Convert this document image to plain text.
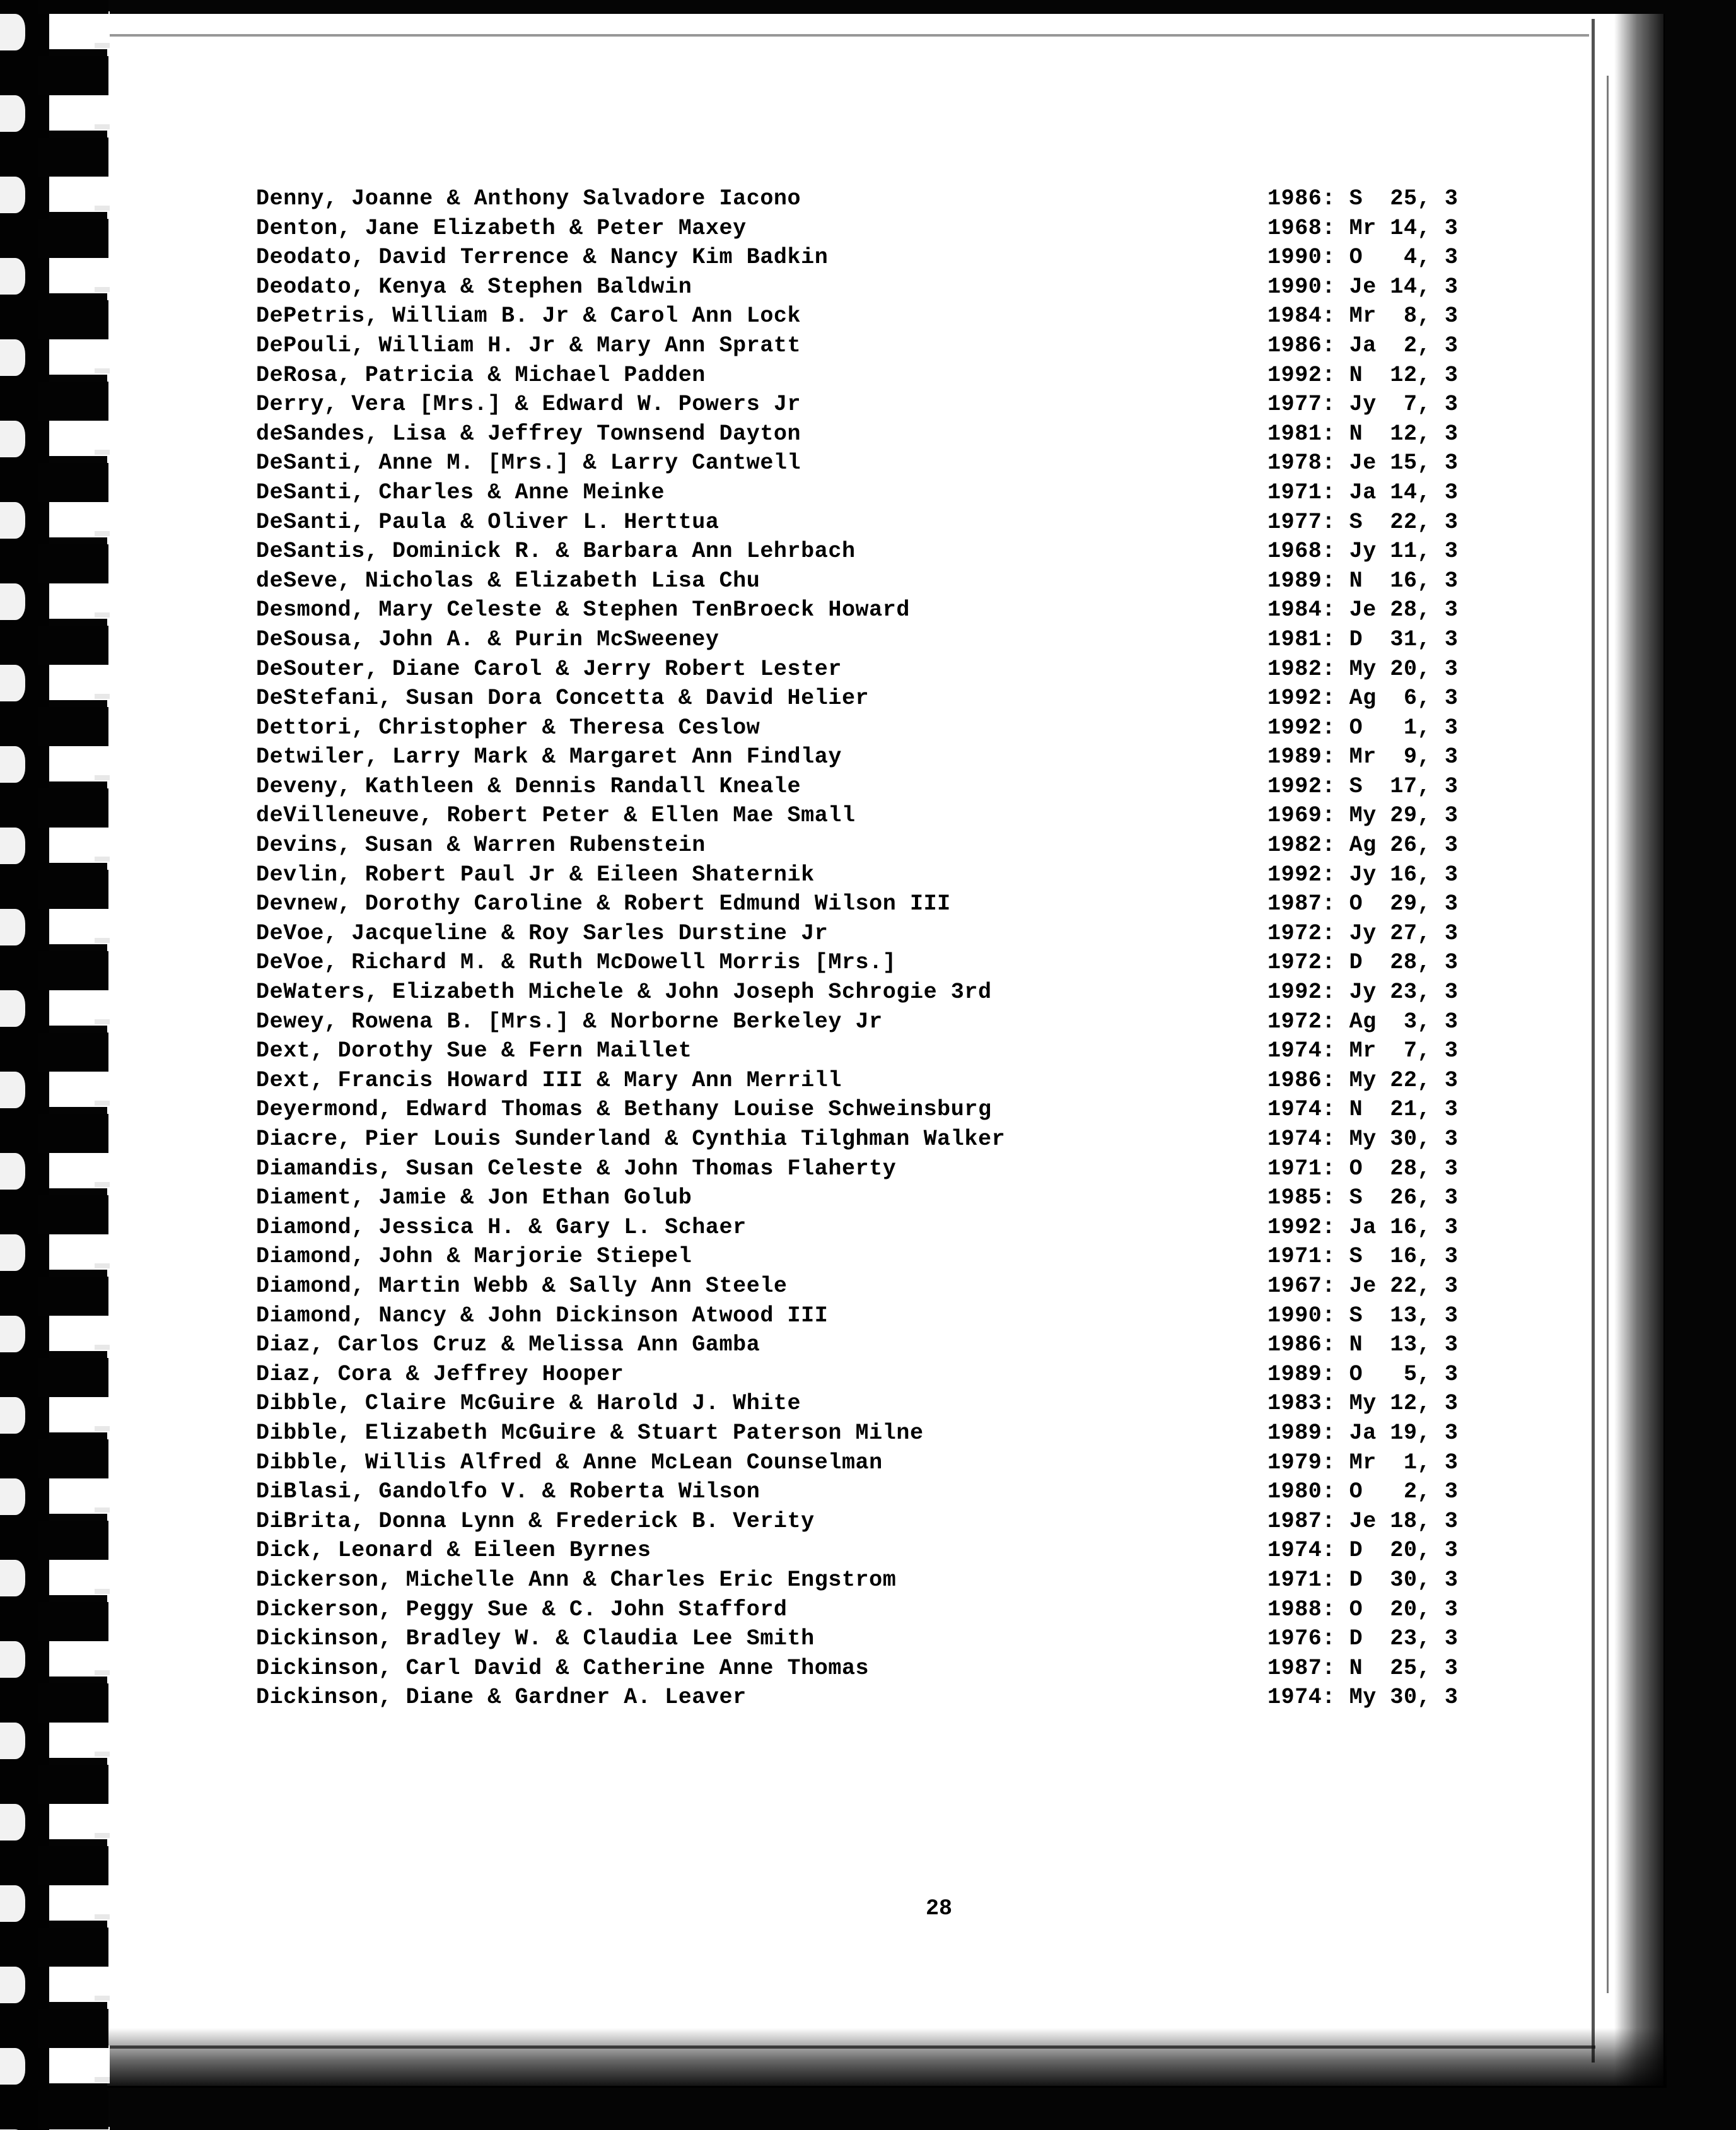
Denny, Joanne & Anthony Salvadore Iacono	1986: S  25, 3
Denton, Jane Elizabeth & Peter Maxey	1968: Mr 14, 3
Deodato, David Terrence & Nancy Kim Badkin	1990: O   4, 3
Deodato, Kenya & Stephen Baldwin	1990: Je 14, 3
DePetris, William B. Jr & Carol Ann Lock	1984: Mr  8, 3
DePouli, William H. Jr & Mary Ann Spratt	1986: Ja  2, 3
DeRosa, Patricia & Michael Padden	1992: N  12, 3
Derry, Vera [Mrs.] & Edward W. Powers Jr	1977: Jy  7, 3
deSandes, Lisa & Jeffrey Townsend Dayton	1981: N  12, 3
DeSanti, Anne M. [Mrs.] & Larry Cantwell	1978: Je 15, 3
DeSanti, Charles & Anne Meinke	1971: Ja 14, 3
DeSanti, Paula & Oliver L. Herttua	1977: S  22, 3
DeSantis, Dominick R. & Barbara Ann Lehrbach	1968: Jy 11, 3
deSeve, Nicholas & Elizabeth Lisa Chu	1989: N  16, 3
Desmond, Mary Celeste & Stephen TenBroeck Howard	1984: Je 28, 3
DeSousa, John A. & Purin McSweeney	1981: D  31, 3
DeSouter, Diane Carol & Jerry Robert Lester	1982: My 20, 3
DeStefani, Susan Dora Concetta & David Helier	1992: Ag  6, 3
Dettori, Christopher & Theresa Ceslow	1992: O   1, 3
Detwiler, Larry Mark & Margaret Ann Findlay	1989: Mr  9, 3
Deveny, Kathleen & Dennis Randall Kneale	1992: S  17, 3
deVilleneuve, Robert Peter & Ellen Mae Small	1969: My 29, 3
Devins, Susan & Warren Rubenstein	1982: Ag 26, 3
Devlin, Robert Paul Jr & Eileen Shaternik	1992: Jy 16, 3
Devnew, Dorothy Caroline & Robert Edmund Wilson III	1987: O  29, 3
DeVoe, Jacqueline & Roy Sarles Durstine Jr	1972: Jy 27, 3
DeVoe, Richard M. & Ruth McDowell Morris [Mrs.]	1972: D  28, 3
DeWaters, Elizabeth Michele & John Joseph Schrogie 3rd	1992: Jy 23, 3
Dewey, Rowena B. [Mrs.] & Norborne Berkeley Jr	1972: Ag  3, 3
Dext, Dorothy Sue & Fern Maillet	1974: Mr  7, 3
Dext, Francis Howard III & Mary Ann Merrill	1986: My 22, 3
Deyermond, Edward Thomas & Bethany Louise Schweinsburg	1974: N  21, 3
Diacre, Pier Louis Sunderland & Cynthia Tilghman Walker	1974: My 30, 3
Diamandis, Susan Celeste & John Thomas Flaherty	1971: O  28, 3
Diament, Jamie & Jon Ethan Golub	1985: S  26, 3
Diamond, Jessica H. & Gary L. Schaer	1992: Ja 16, 3
Diamond, John & Marjorie Stiepel	1971: S  16, 3
Diamond, Martin Webb & Sally Ann Steele	1967: Je 22, 3
Diamond, Nancy & John Dickinson Atwood III	1990: S  13, 3
Diaz, Carlos Cruz & Melissa Ann Gamba	1986: N  13, 3
Diaz, Cora & Jeffrey Hooper	1989: O   5, 3
Dibble, Claire McGuire & Harold J. White	1983: My 12, 3
Dibble, Elizabeth McGuire & Stuart Paterson Milne	1989: Ja 19, 3
Dibble, Willis Alfred & Anne McLean Counselman	1979: Mr  1, 3
DiBlasi, Gandolfo V. & Roberta Wilson	1980: O   2, 3
DiBrita, Donna Lynn & Frederick B. Verity	1987: Je 18, 3
Dick, Leonard & Eileen Byrnes	1974: D  20, 3
Dickerson, Michelle Ann & Charles Eric Engstrom	1971: D  30, 3
Dickerson, Peggy Sue & C. John Stafford	1988: O  20, 3
Dickinson, Bradley W. & Claudia Lee Smith	1976: D  23, 3
Dickinson, Carl David & Catherine Anne Thomas	1987: N  25, 3
Dickinson, Diane & Gardner A. Leaver	1974: My 30, 3
28
